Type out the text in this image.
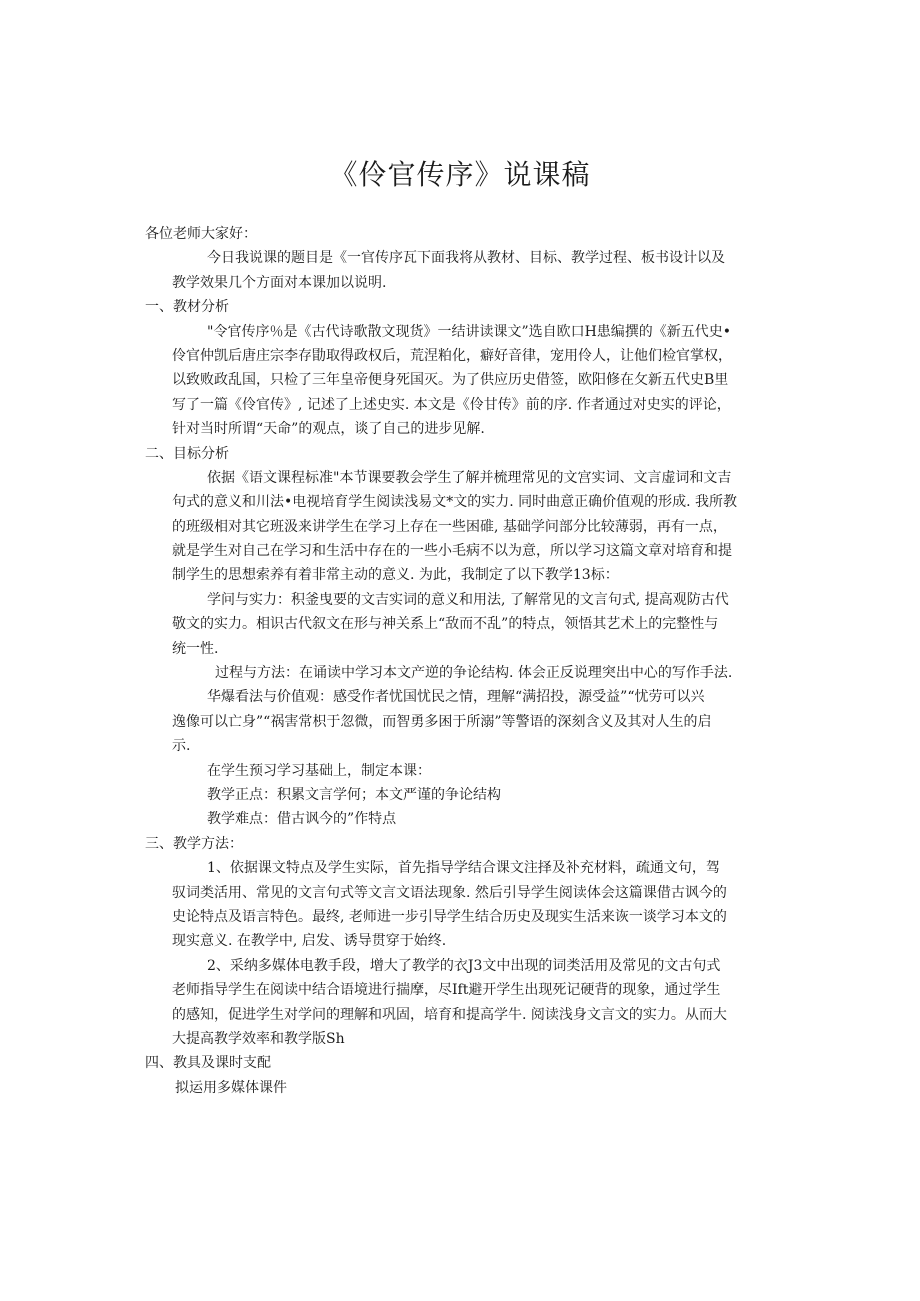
《伶官传序》说课稿
各位老师大家好：
今日我说课的题目是《一官传序瓦下面我将从教材、目标、教学过程、板书设计以及
教学效果几个方面对本课加以说明.
一、教材分析
"令官传序％是《古代诗歌散文现货》一结讲读课文”选自欧口H患编撰的《新五代史•
伶官仲凯后唐庄宗李存勖取得政权后，荒涅粕化，癖好音律，宠用伶人，让他们检官掌权，
以致败政乱国，只检了三年皇帝便身死国灭。为了供应历史借签，欧阳修在攵新五代史B里
写了一篇《伶官传》, 记述了上述史实. 本文是《伶甘传》前的序. 作者通过对史实的评论，
针对当时所谓“天命”的观点，谈了自己的进步见解.
二、目标分析
依据《语文课程标准"本节课要教会学生了解并梳理常见的文宫实词、文言虚词和文吉
句式的意义和川法•电视培育学生阅读浅易文*文的实力. 同时曲意正确价值观的形成. 我所教
的班级相对其它班汲来讲学生在学习上存在一些困碓, 基础学问部分比较薄弱，再有一点，
就是学生对自己在学习和生活中存在的一些小毛病不以为意，所以学习这篇文章对培育和提
制学生的思想索养有着非常主动的意义. 为此，我制定了以下教学13标：
学问与实力：积釜曳要的文吉实词的意义和用法, 了解常见的文言句式, 提高观防古代
敬文的实力。相识古代叙文在形与神关系上“敌而不乱”的特点，领悟其艺术上的完整性与
统一性.
过程与方法：在诵读中学习本文产逆的争论结构. 体会正反说理突出中心的写作手法.
华爆看法与价值观：感受作者忧国忧民之情，理解“满招投，源受益”“忧劳可以兴
逸像可以亡身”“祸害常枳于忽微，而智勇多困于所溺”等警语的深刻含义及其对人生的启
示.
在学生预习学习基础上，制定本课：
教学正点：积累文言学何；本文严谨的争论结构
教学难点：借古讽今的”作特点
三、教学方法：
1、依据课文特点及学生实际，首先指导学结合课文注择及补充材料，疏通文句，驾
驭词类活用、常见的文言句式等文言文语法现象. 然后引导学生阅读体会这篇课借古讽今的
史论特点及语言特色。最终, 老师进一步引导学生结合历史及现实生活来诙一谈学习本文的
现实意义. 在教学中, 启发、诱导贯穿于始终.
2、采纳多媒体电教手段，增大了教学的衣J3文中出现的词类活用及常见的文古句式
老师指导学生在阅读中结合语境进行揣摩，尽Ift避开学生出现死记硬背的现象，通过学生
的感知，促进学生对学问的理解和巩固，培育和提高学牛. 阅读浅身文言文的实力。从而大
大提高教学效率和教学版Sh
四、教具及课时支配
拟运用多媒体课件
